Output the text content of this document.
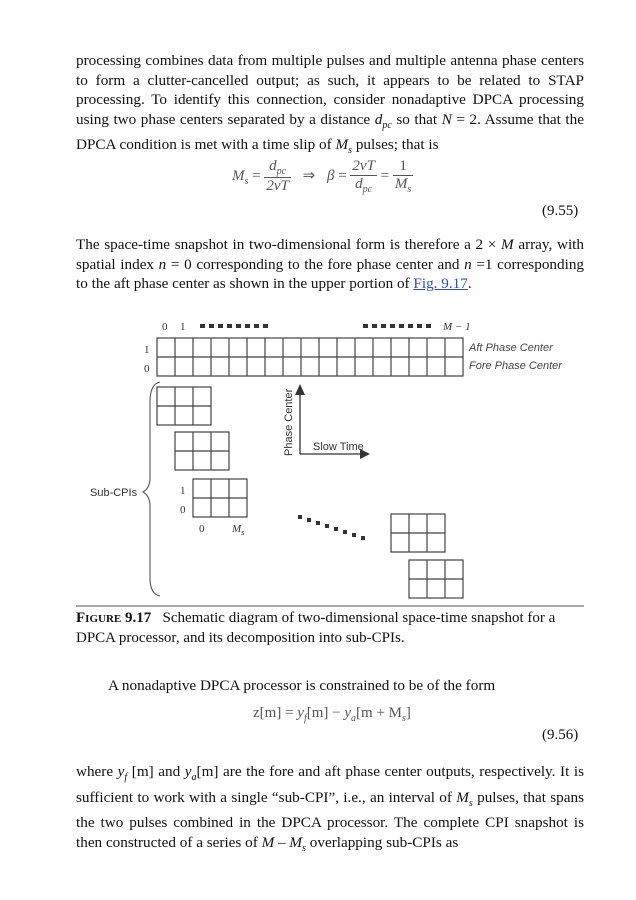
processing combines data from multiple pulses and multiple antenna phase centers to form a clutter-cancelled output; as such, it appears to be related to STAP processing. To identify this connection, consider nonadaptive DPCA processing using two phase centers separated by a distance $d_{pc}$ so that N = 2. Assume that the DPCA condition is met with a time slip of $M_s$ pulses; that is

$M_s = \frac{d_{pc}}{2vT}$ ⇒ $\beta = \frac{2vT}{d_{pc}} = \frac{1}{M_s}$
(9.55)

The space-time snapshot in two-dimensional form is therefore a 2 × M array, with spatial index n = 0 corresponding to the fore phase center and n =1 corresponding to the aft phase center as shown in the upper portion of Fig. 9.17.

0 1	M − 1
1
0
Aft Phase Center
Fore Phase Center
Sub-CPIs	1
0
0	$M_s$
Phase Center Slow Time

Figure 9.17 Schematic diagram of two-dimensional space-time snapshot for a DPCA processor, and its decomposition into sub-CPIs.

A nonadaptive DPCA processor is constrained to be of the form

$z[m] = y_f[m] - y_a[m + M_s]$
(9.56)

where $y_f$ [m] and $y_a[m]$ are the fore and aft phase center outputs, respectively. It is sufficient to work with a single “sub-CPI”, i.e., an interval of $M_s$ pulses, that spans the two pulses combined in the DPCA processor. The complete CPI snapshot is then constructed of a series of M – $M_s$ overlapping sub-CPIs as
